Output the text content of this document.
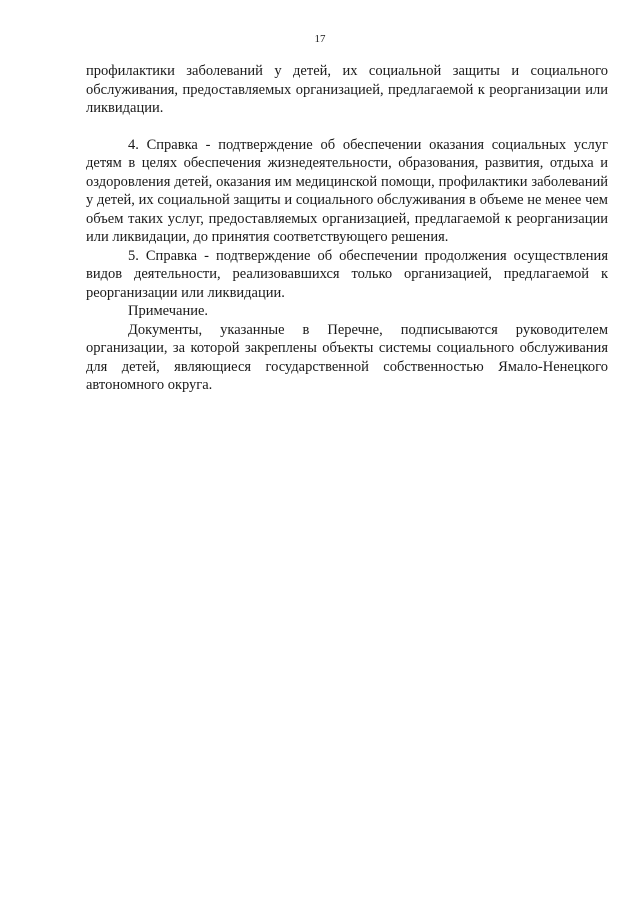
17

профилактики заболеваний у детей, их социальной защиты и социального обслуживания, предоставляемых организацией, предлагаемой к реорганизации или ликвидации.

4. Справка - подтверждение об обеспечении оказания социальных услуг детям в целях обеспечения жизнедеятельности, образования, развития, отдыха и оздоровления детей, оказания им медицинской помощи, профилактики заболеваний у детей, их социальной защиты и социального обслуживания в объеме не менее чем объем таких услуг, предоставляемых организацией, предлагаемой к реорганизации или ликвидации, до принятия соответствующего решения.

5. Справка - подтверждение об обеспечении продолжения осуществления видов деятельности, реализовавшихся только организацией, предлагаемой к реорганизации или ликвидации.

Примечание.

Документы, указанные в Перечне, подписываются руководителем организации, за которой закреплены объекты системы социального обслуживания для детей, являющиеся государственной собственностью Ямало-Ненецкого автономного округа.
